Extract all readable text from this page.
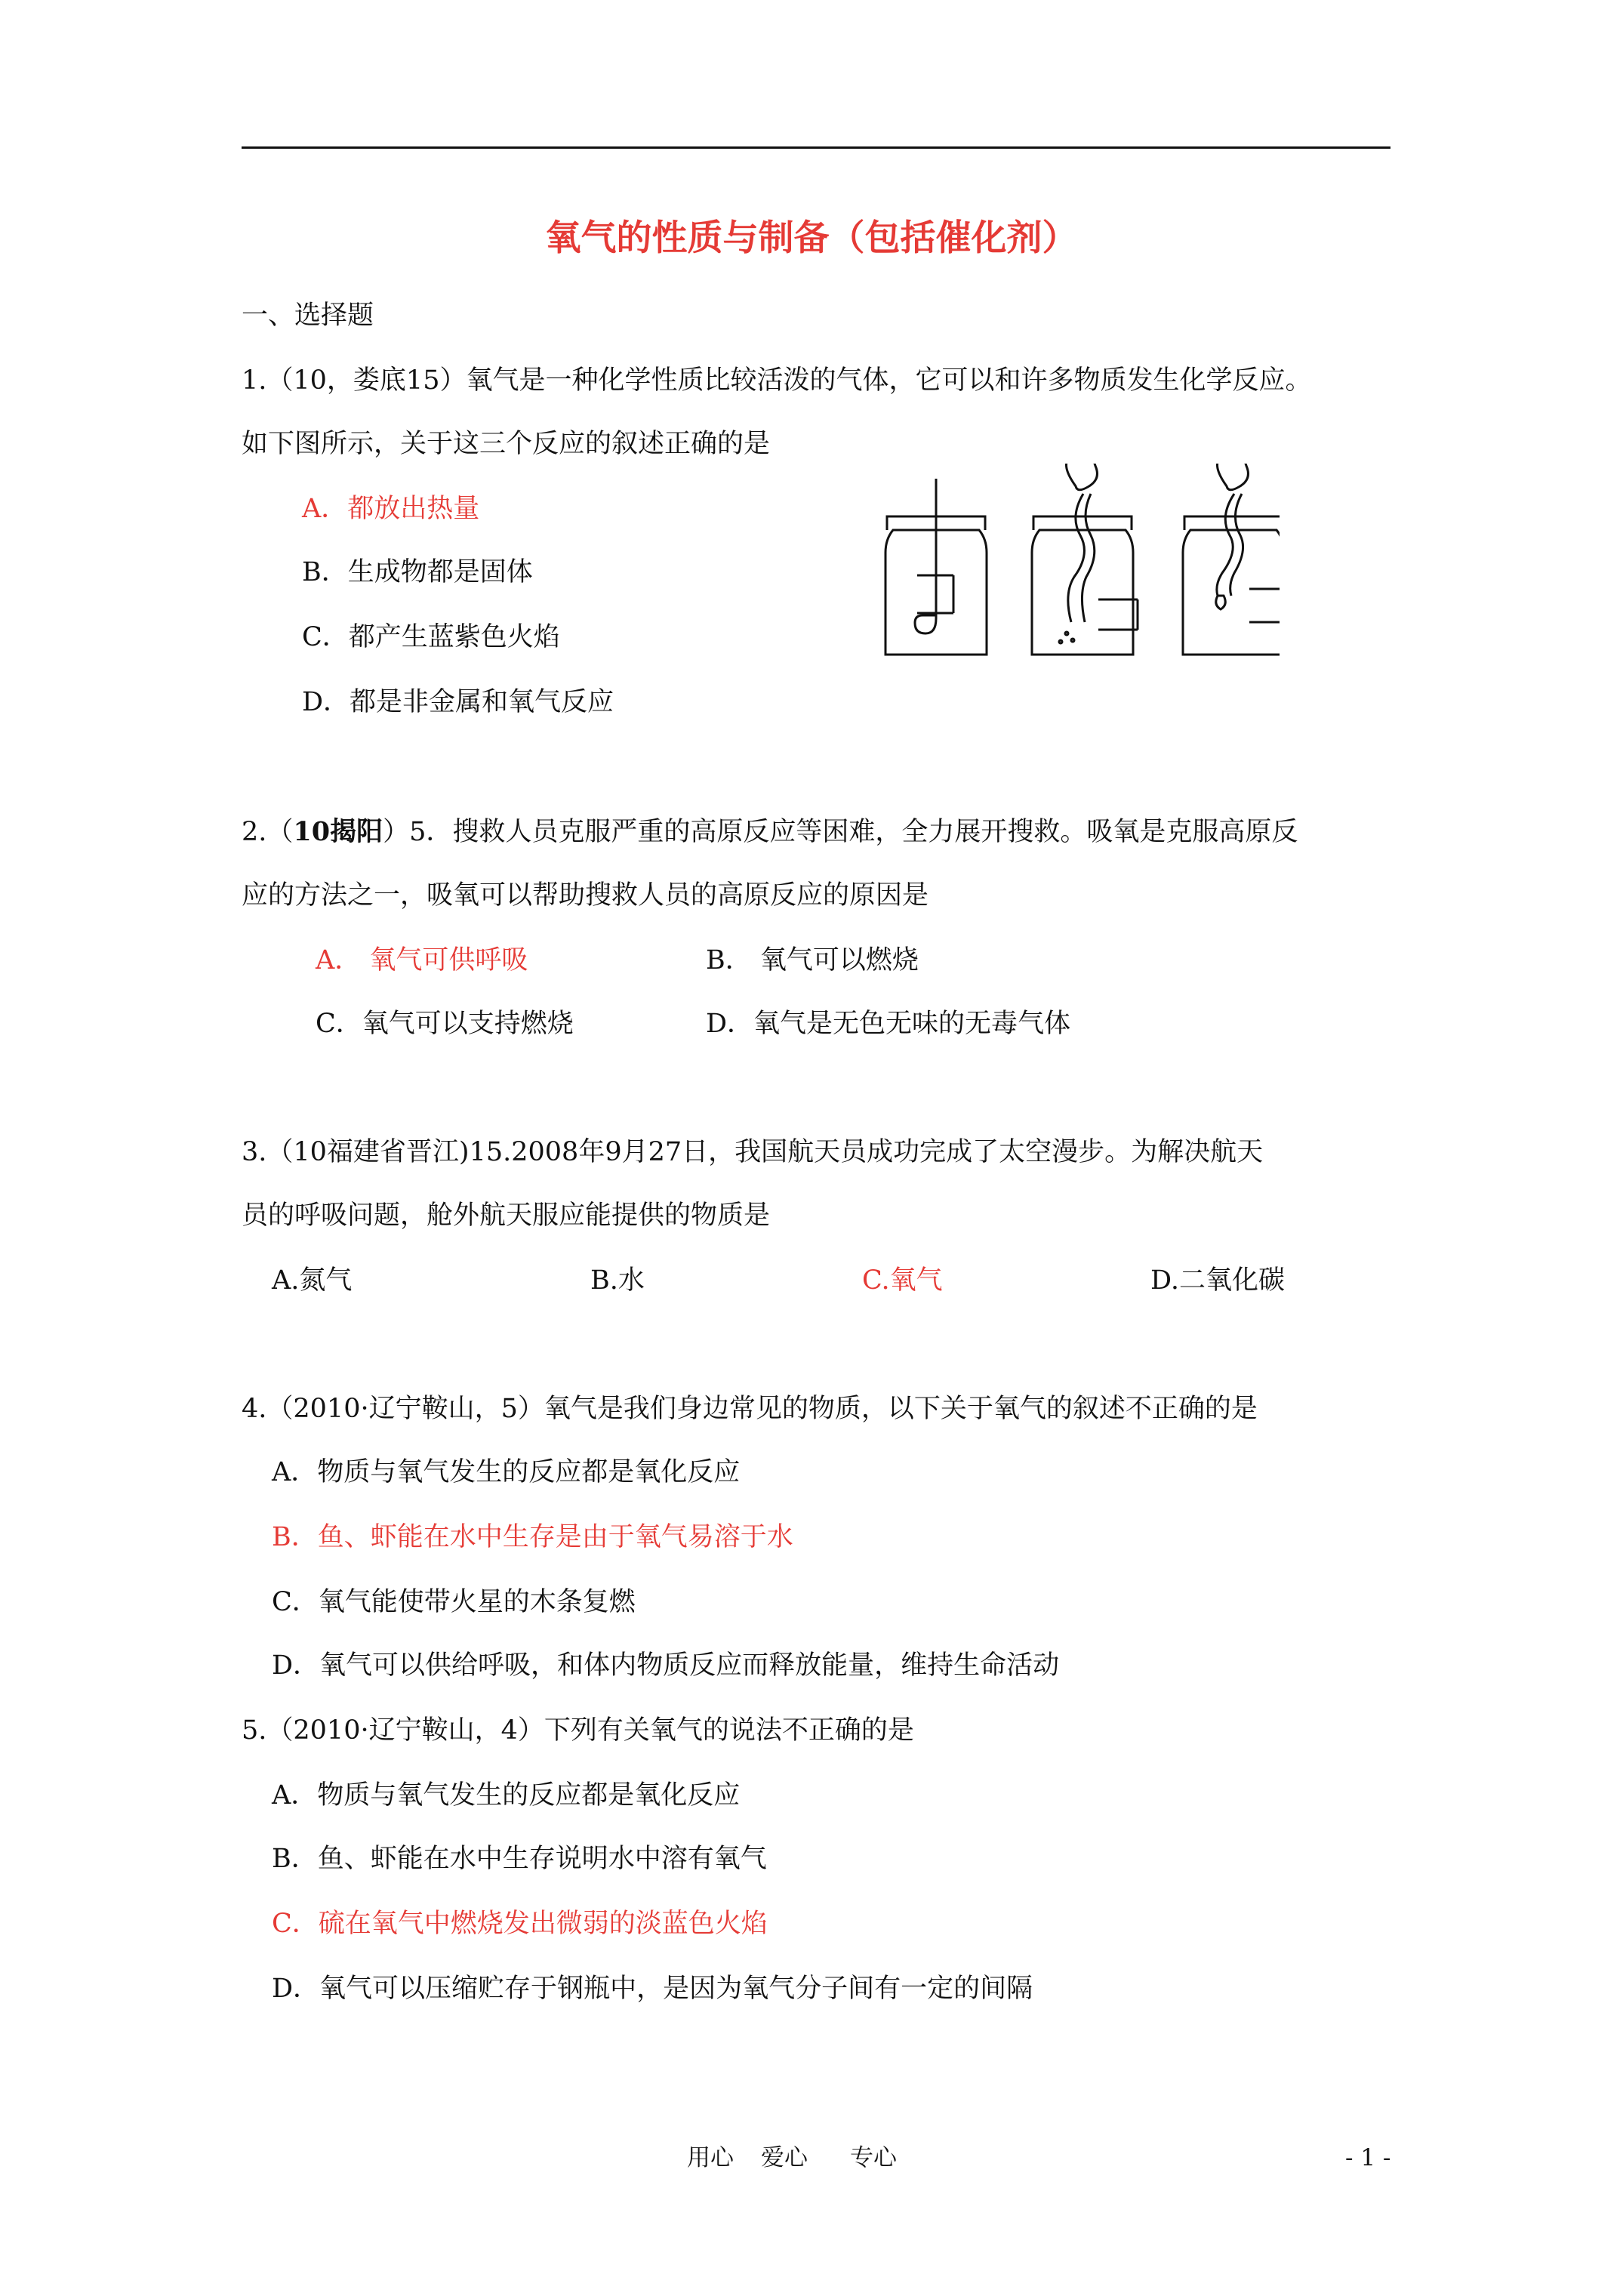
氧气的性质与制备（包括催化剂）
一、选择题
1.（10，娄底15）氧气是一种化学性质比较活泼的气体，它可以和许多物质发生化学反应。
如下图所示，关于这三个反应的叙述正确的是
A．都放出热量
B．生成物都是固体
C．都产生蓝紫色火焰
D．都是非金属和氧气反应
2.（10揭阳）5．搜救人员克服严重的高原反应等困难，全力展开搜救。吸氧是克服高原反
应的方法之一，吸氧可以帮助搜救人员的高原反应的原因是
A． 氧气可供呼吸	B． 氧气可以燃烧
C．氧气可以支持燃烧	D．氧气是无色无味的无毒气体
3.（10福建省晋江)15.2008年9月27日，我国航天员成功完成了太空漫步。为解决航天
员的呼吸问题，舱外航天服应能提供的物质是
A.氮气	B.水	C.氧气	D.二氧化碳
4.（2010·辽宁鞍山，5）氧气是我们身边常见的物质，以下关于氧气的叙述不正确的是
A．物质与氧气发生的反应都是氧化反应
B．鱼、虾能在水中生存是由于氧气易溶于水
C．氧气能使带火星的木条复燃
D．氧气可以供给呼吸，和体内物质反应而释放能量，维持生命活动
5.（2010·辽宁鞍山，4）下列有关氧气的说法不正确的是
A．物质与氧气发生的反应都是氧化反应
B．鱼、虾能在水中生存说明水中溶有氧气
C．硫在氧气中燃烧发出微弱的淡蓝色火焰
D．氧气可以压缩贮存于钢瓶中，是因为氧气分子间有一定的间隔
用心 爱心 专心	- 1 -
